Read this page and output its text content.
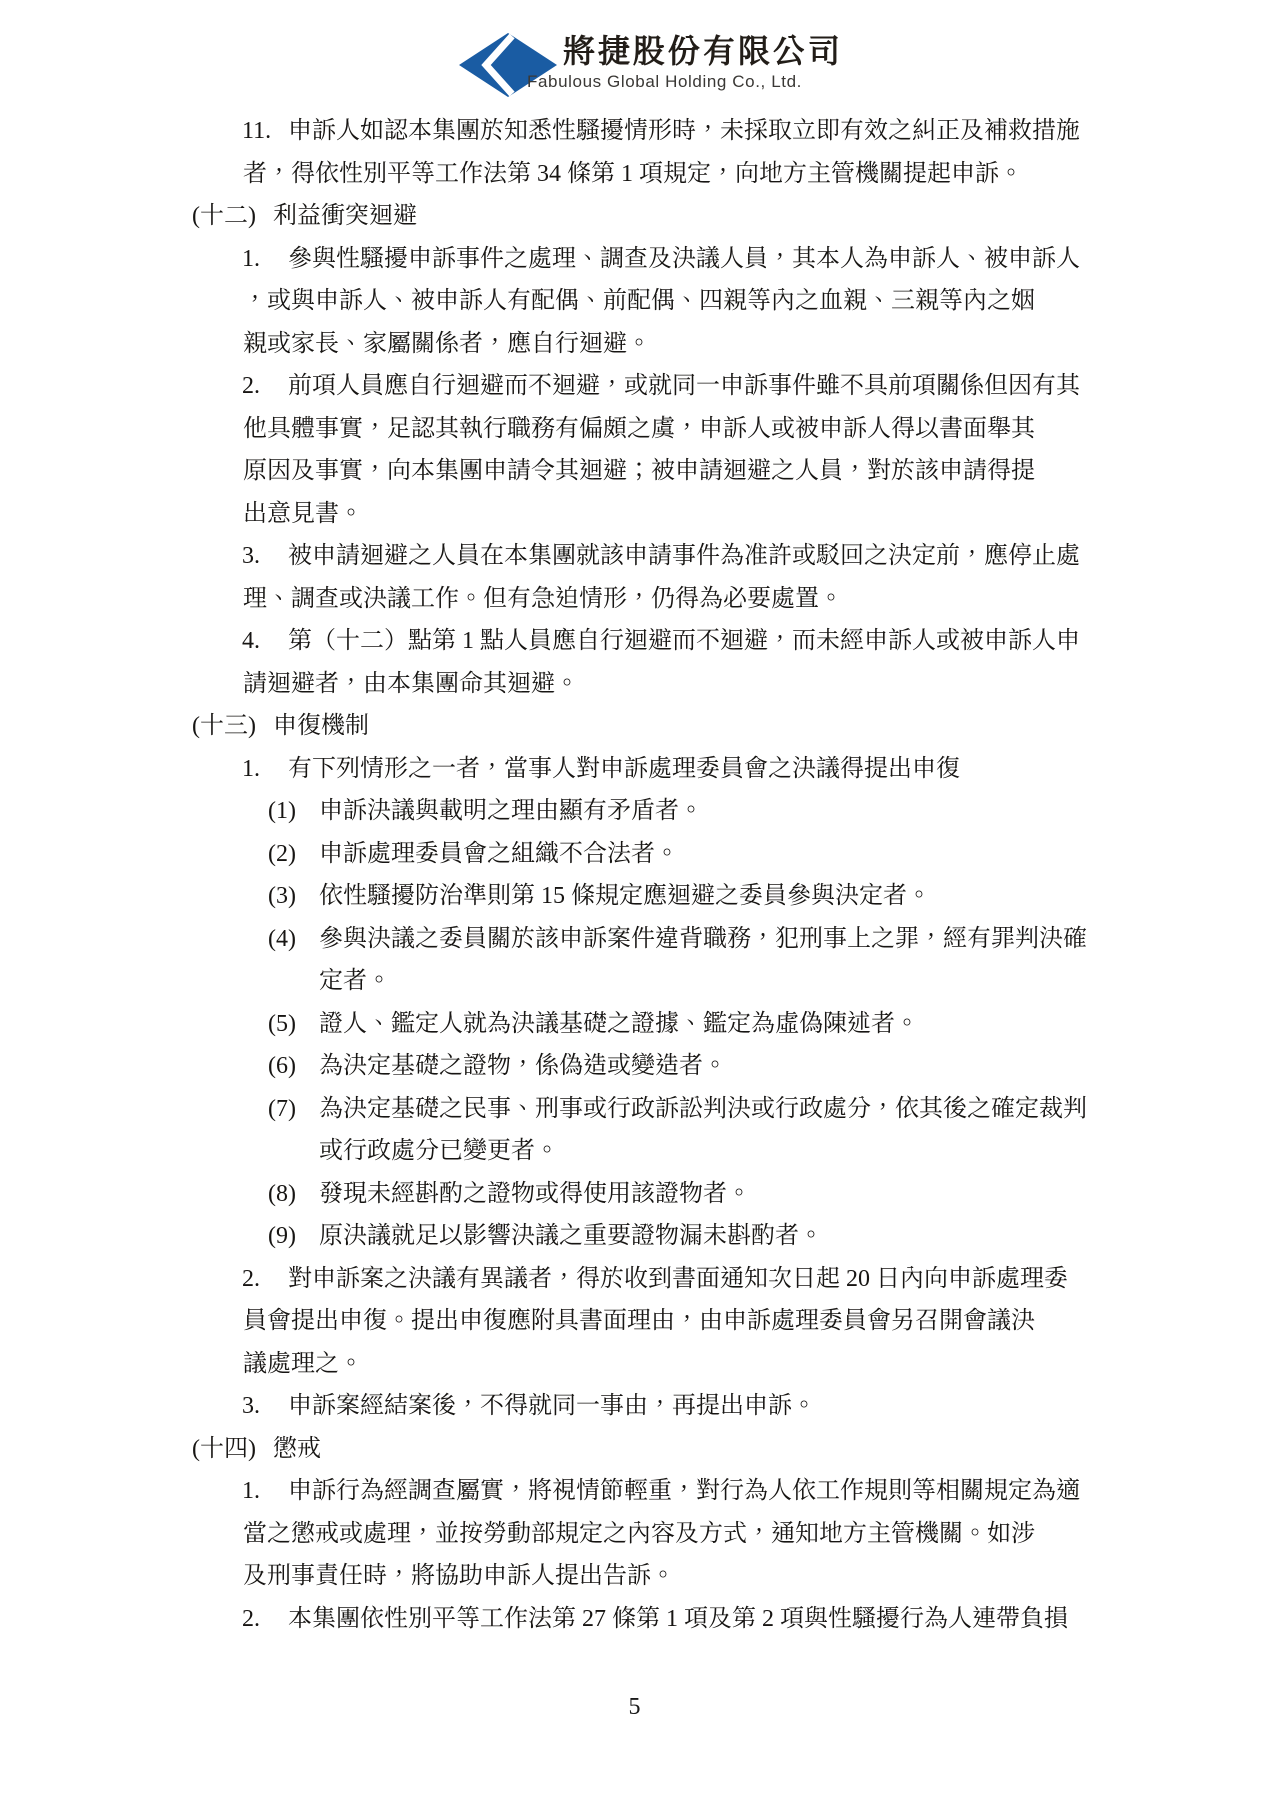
將捷股份有限公司
Fabulous Global Holding Co., Ltd.
11. 申訴人如認本集團於知悉性騷擾情形時，未採取立即有效之糾正及補救措施
者，得依性別平等工作法第 34 條第 1 項規定，向地方主管機關提起申訴。
(十二) 利益衝突迴避
1. 參與性騷擾申訴事件之處理、調查及決議人員，其本人為申訴人、被申訴人
，或與申訴人、被申訴人有配偶、前配偶、四親等內之血親、三親等內之姻
親或家長、家屬關係者，應自行迴避。
2. 前項人員應自行迴避而不迴避，或就同一申訴事件雖不具前項關係但因有其
他具體事實，足認其執行職務有偏頗之虞，申訴人或被申訴人得以書面舉其
原因及事實，向本集團申請令其迴避；被申請迴避之人員，對於該申請得提
出意見書。
3. 被申請迴避之人員在本集團就該申請事件為准許或駁回之決定前，應停止處
理、調查或決議工作。但有急迫情形，仍得為必要處置。
4. 第（十二）點第 1 點人員應自行迴避而不迴避，而未經申訴人或被申訴人申
請迴避者，由本集團命其迴避。
(十三) 申復機制
1. 有下列情形之一者，當事人對申訴處理委員會之決議得提出申復
(1) 申訴決議與載明之理由顯有矛盾者。
(2) 申訴處理委員會之組織不合法者。
(3) 依性騷擾防治準則第 15 條規定應迴避之委員參與決定者。
(4) 參與決議之委員關於該申訴案件違背職務，犯刑事上之罪，經有罪判決確
定者。
(5) 證人、鑑定人就為決議基礎之證據、鑑定為虛偽陳述者。
(6) 為決定基礎之證物，係偽造或變造者。
(7) 為決定基礎之民事、刑事或行政訴訟判決或行政處分，依其後之確定裁判
或行政處分已變更者。
(8) 發現未經斟酌之證物或得使用該證物者。
(9) 原決議就足以影響決議之重要證物漏未斟酌者。
2. 對申訴案之決議有異議者，得於收到書面通知次日起 20 日內向申訴處理委
員會提出申復。提出申復應附具書面理由，由申訴處理委員會另召開會議決
議處理之。
3. 申訴案經結案後，不得就同一事由，再提出申訴。
(十四) 懲戒
1. 申訴行為經調查屬實，將視情節輕重，對行為人依工作規則等相關規定為適
當之懲戒或處理，並按勞動部規定之內容及方式，通知地方主管機關。如涉
及刑事責任時，將協助申訴人提出告訴。
2. 本集團依性別平等工作法第 27 條第 1 項及第 2 項與性騷擾行為人連帶負損
5
